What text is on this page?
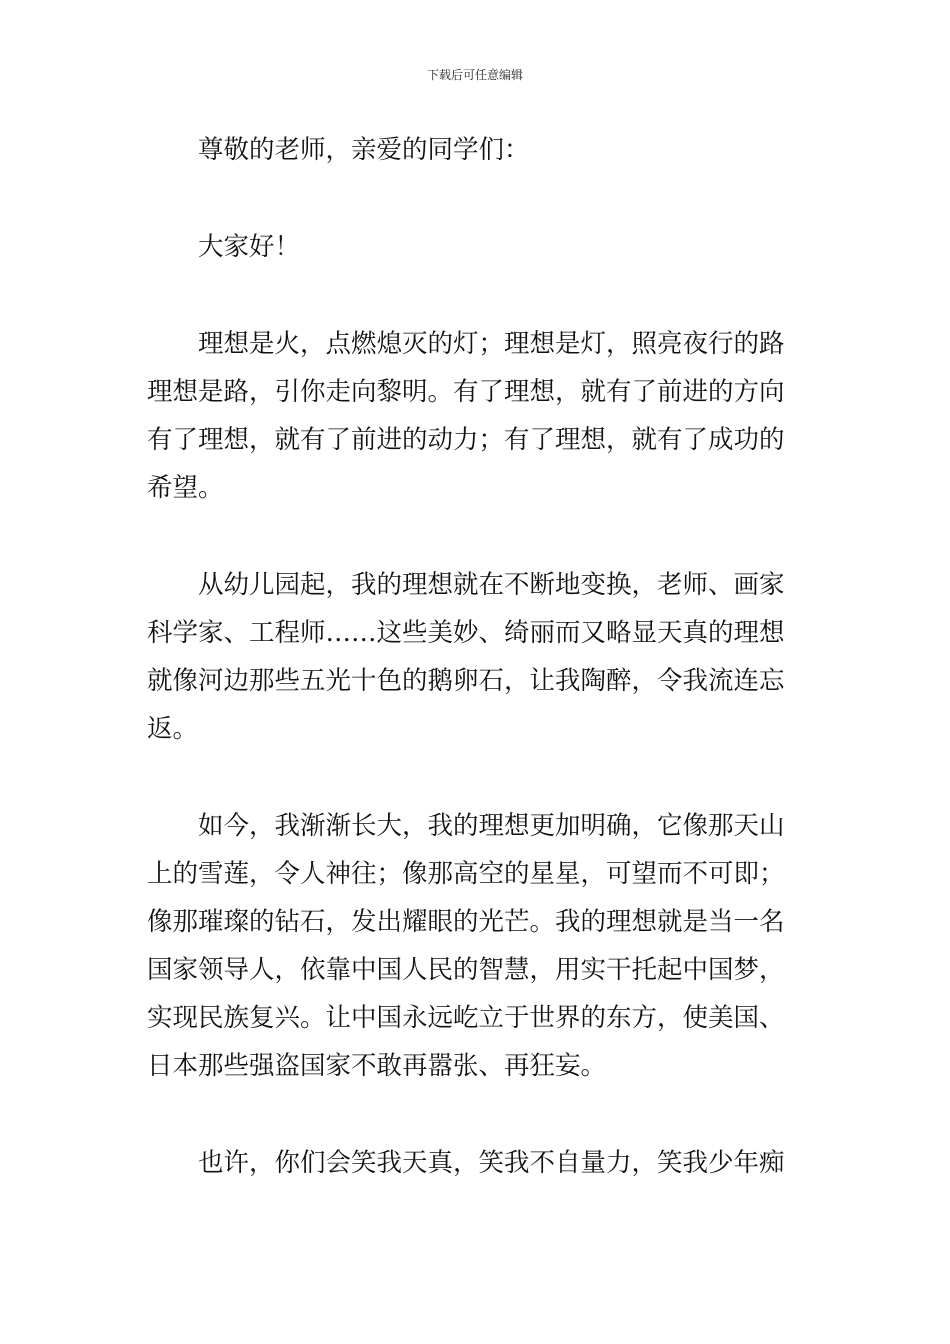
下载后可任意编辑
尊敬的老师，亲爱的同学们：
大家好！
理想是火，点燃熄灭的灯；理想是灯，照亮夜行的路
理想是路，引你走向黎明。有了理想，就有了前进的方向
有了理想，就有了前进的动力；有了理想，就有了成功的
希望。
从幼儿园起，我的理想就在不断地变换，老师、画家
科学家、工程师……这些美妙、绮丽而又略显天真的理想
就像河边那些五光十色的鹅卵石，让我陶醉，令我流连忘
返。
如今，我渐渐长大，我的理想更加明确，它像那天山
上的雪莲，令人神往；像那高空的星星，可望而不可即；
像那璀璨的钻石，发出耀眼的光芒。我的理想就是当一名
国家领导人，依靠中国人民的智慧，用实干托起中国梦，
实现民族复兴。让中国永远屹立于世界的东方，使美国、
日本那些强盗国家不敢再嚣张、再狂妄。
也许，你们会笑我天真，笑我不自量力，笑我少年痴
